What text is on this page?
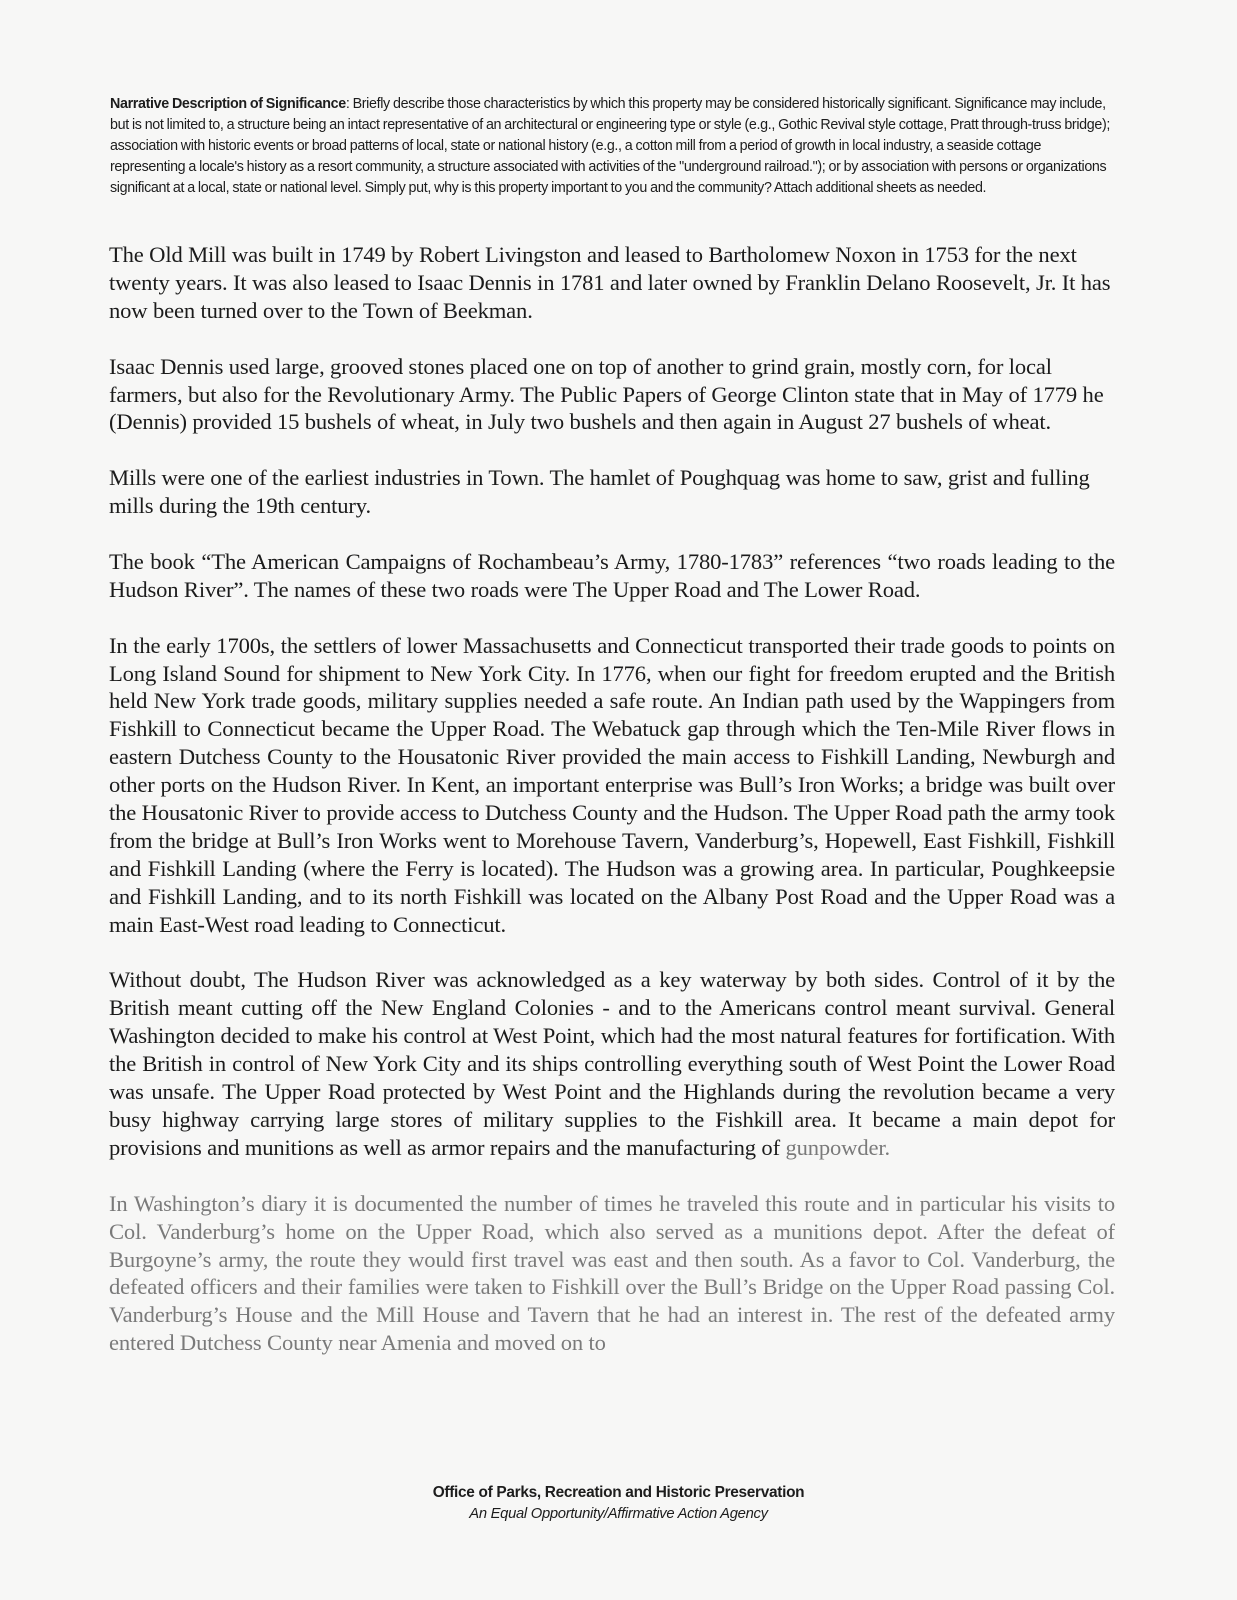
Narrative Description of Significance: Briefly describe those characteristics by which this property may be considered historically significant. Significance may include, but is not limited to, a structure being an intact representative of an architectural or engineering type or style (e.g., Gothic Revival style cottage, Pratt through-truss bridge); association with historic events or broad patterns of local, state or national history (e.g., a cotton mill from a period of growth in local industry, a seaside cottage representing a locale's history as a resort community, a structure associated with activities of the "underground railroad."); or by association with persons or organizations significant at a local, state or national level. Simply put, why is this property important to you and the community? Attach additional sheets as needed.

The Old Mill was built in 1749 by Robert Livingston and leased to Bartholomew Noxon in 1753 for the next twenty years. It was also leased to Isaac Dennis in 1781 and later owned by Franklin Delano Roosevelt, Jr. It has now been turned over to the Town of Beekman.

Isaac Dennis used large, grooved stones placed one on top of another to grind grain, mostly corn, for local farmers, but also for the Revolutionary Army. The Public Papers of George Clinton state that in May of 1779 he (Dennis) provided 15 bushels of wheat, in July two bushels and then again in August 27 bushels of wheat.

Mills were one of the earliest industries in Town. The hamlet of Poughquag was home to saw, grist and fulling mills during the 19th century.

The book “The American Campaigns of Rochambeau’s Army, 1780-1783” references “two roads leading to the Hudson River”. The names of these two roads were The Upper Road and The Lower Road.

In the early 1700s, the settlers of lower Massachusetts and Connecticut transported their trade goods to points on Long Island Sound for shipment to New York City. In 1776, when our fight for freedom erupted and the British held New York trade goods, military supplies needed a safe route. An Indian path used by the Wappingers from Fishkill to Connecticut became the Upper Road. The Webatuck gap through which the Ten-Mile River flows in eastern Dutchess County to the Housatonic River provided the main access to Fishkill Landing, Newburgh and other ports on the Hudson River. In Kent, an important enterprise was Bull’s Iron Works; a bridge was built over the Housatonic River to provide access to Dutchess County and the Hudson. The Upper Road path the army took from the bridge at Bull’s Iron Works went to Morehouse Tavern, Vanderburg’s, Hopewell, East Fishkill, Fishkill and Fishkill Landing (where the Ferry is located). The Hudson was a growing area. In particular, Poughkeepsie and Fishkill Landing, and to its north Fishkill was located on the Albany Post Road and the Upper Road was a main East-West road leading to Connecticut.

Without doubt, The Hudson River was acknowledged as a key waterway by both sides. Control of it by the British meant cutting off the New England Colonies - and to the Americans control meant survival. General Washington decided to make his control at West Point, which had the most natural features for fortification. With the British in control of New York City and its ships controlling everything south of West Point the Lower Road was unsafe. The Upper Road protected by West Point and the Highlands during the revolution became a very busy highway carrying large stores of military supplies to the Fishkill area. It became a main depot for provisions and munitions as well as armor repairs and the manufacturing of gunpowder.

In Washington’s diary it is documented the number of times he traveled this route and in particular his visits to Col. Vanderburg’s home on the Upper Road, which also served as a munitions depot. After the defeat of Burgoyne’s army, the route they would first travel was east and then south. As a favor to Col. Vanderburg, the defeated officers and their families were taken to Fishkill over the Bull’s Bridge on the Upper Road passing Col. Vanderburg’s House and the Mill House and Tavern that he had an interest in. The rest of the defeated army entered Dutchess County near Amenia and moved on to

Office of Parks, Recreation and Historic Preservation
An Equal Opportunity/Affirmative Action Agency
